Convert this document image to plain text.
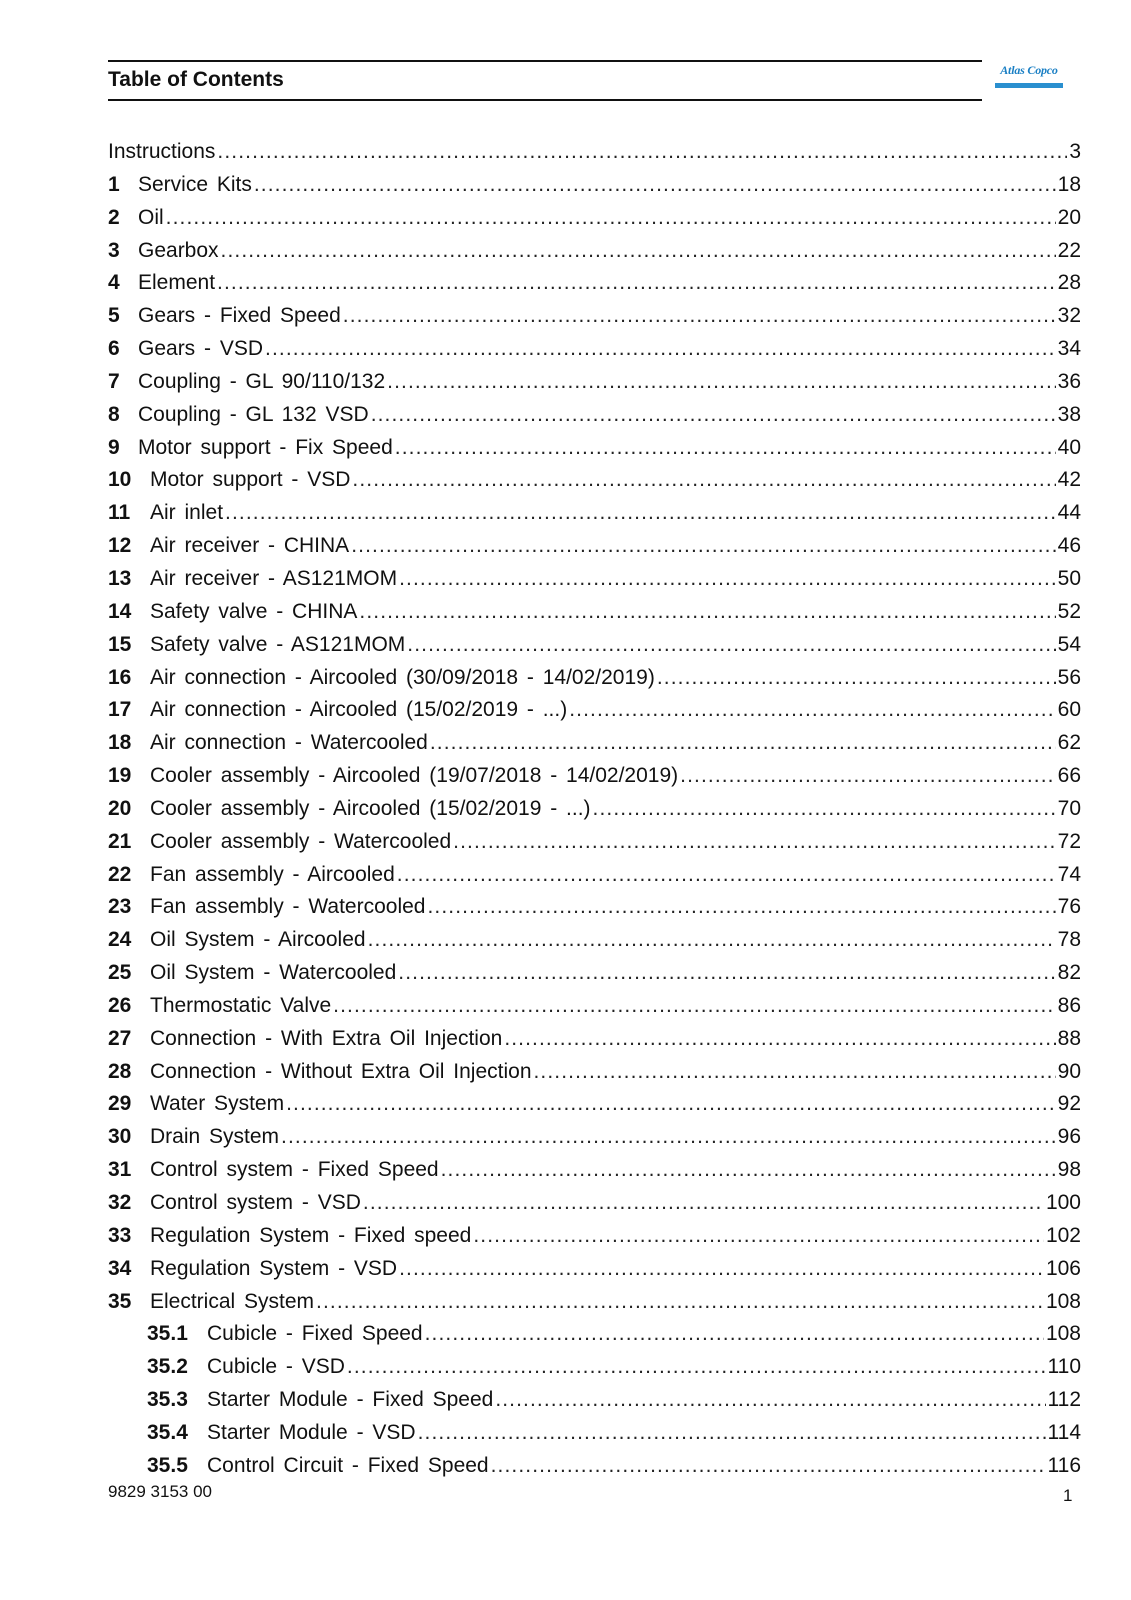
Table of Contents	Atlas Copco
Instructions .....	3
1 Service Kits .....	18
2 Oil .....	20
3 Gearbox .....	22
4 Element .....	28
5 Gears - Fixed Speed .....	32
6 Gears - VSD .....	34
7 Coupling - GL 90/110/132 .....	36
8 Coupling - GL 132 VSD .....	38
9 Motor support - Fix Speed .....	40
10 Motor support - VSD .....	42
11 Air inlet .....	44
12 Air receiver - CHINA .....	46
13 Air receiver - AS121MOM .....	50
14 Safety valve - CHINA .....	52
15 Safety valve - AS121MOM .....	54
16 Air connection - Aircooled (30/09/2018 - 14/02/2019) .....	56
17 Air connection - Aircooled (15/02/2019 - ...) .....	60
18 Air connection - Watercooled .....	62
19 Cooler assembly - Aircooled (19/07/2018 - 14/02/2019) .....	66
20 Cooler assembly - Aircooled (15/02/2019 - ...) .....	70
21 Cooler assembly - Watercooled .....	72
22 Fan assembly - Aircooled .....	74
23 Fan assembly - Watercooled .....	76
24 Oil System - Aircooled .....	78
25 Oil System - Watercooled .....	82
26 Thermostatic Valve .....	86
27 Connection - With Extra Oil Injection .....	88
28 Connection - Without Extra Oil Injection .....	90
29 Water System .....	92
30 Drain System .....	96
31 Control system - Fixed Speed .....	98
32 Control system - VSD .....	100
33 Regulation System - Fixed speed .....	102
34 Regulation System - VSD .....	106
35 Electrical System .....	108
35.1 Cubicle - Fixed Speed .....	108
35.2 Cubicle - VSD .....	110
35.3 Starter Module - Fixed Speed .....	112
35.4 Starter Module - VSD .....	114
35.5 Control Circuit - Fixed Speed .....	116
9829 3153 00	1
